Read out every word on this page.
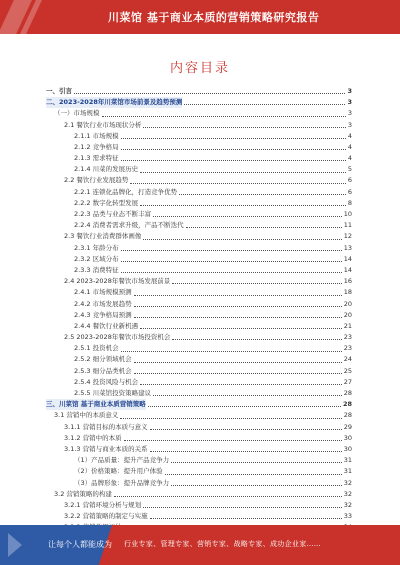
川菜馆 基于商业本质的营销策略研究报告
内容目录
一、引言	3
二、2023-2028年川菜馆市场前景及趋势预测	3
（一）市场规模	3
2.1 餐饮行业市场现状分析	3
2.1.1 市场规模	4
2.1.2 竞争格局	4
2.1.3 需求特征	4
2.1.4 川菜的发展历史	5
2.2 餐饮行业发展趋势	6
2.2.1 连锁化品牌化，打造竞争优势	6
2.2.2 数字化转型发展	8
2.2.3 品类与业态不断丰富	10
2.2.4 消费者需求升级，产品不断迭代	11
2.3 餐饮行业消费群体画像	12
2.3.1 年龄分布	13
2.3.2 区域分布	14
2.3.3 消费特征	14
2.4 2023-2028年餐饮市场发展前景	16
2.4.1 市场规模预测	18
2.4.2 市场发展趋势	20
2.4.3 竞争格局预测	20
2.4.4 餐饮行业新机遇	21
2.5 2023-2028年餐饮市场投资机会	23
2.5.1 投资机会	23
2.5.2 细分领域机会	24
2.5.3 细分品类机会	25
2.5.4 投资风险与机会	27
2.5.5 川菜馆投资策略建议	28
三、川菜馆 基于商业本质营销策略	28
3.1 营销中的本质意义	28
3.1.1 营销目标的本质与意义	29
3.1.2 营销中的本质	30
3.1.3 营销与商业本质的关系	30
（1）产品质量：提升产品竞争力	31
（2）价格策略：提升用户体验	31
（3）品牌形象：提升品牌竞争力	32
3.2 营销策略的构建	32
3.2.1 营销环境分析与规划	32
3.2.2 营销策略的制定与实施	33
让每个人都能成为 行业专家、管理专家、营销专家、战略专家、成功企业家……
